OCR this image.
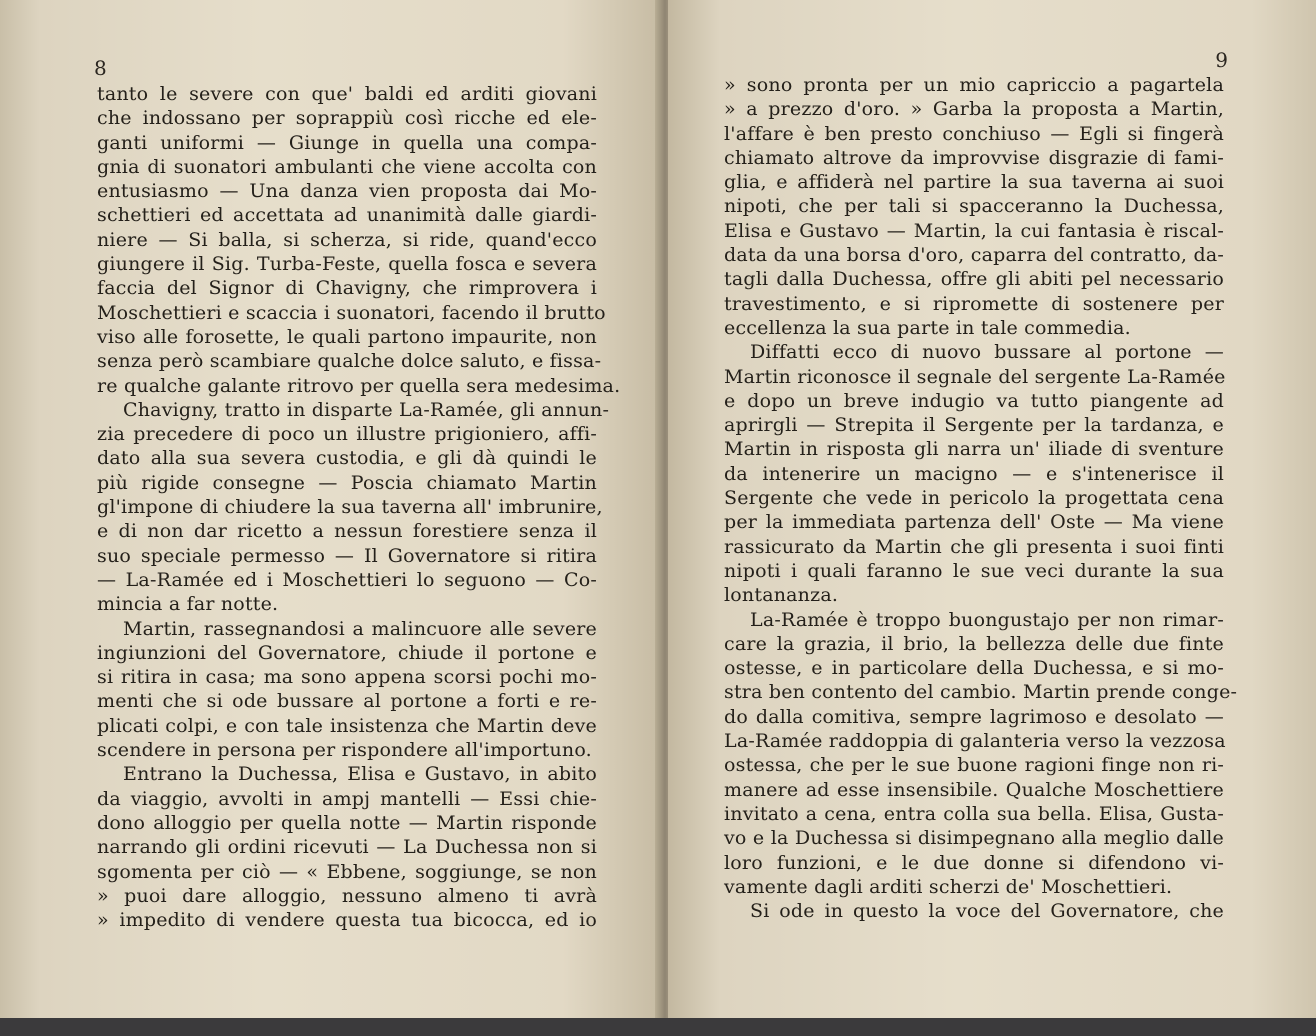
8
tanto le severe con que' baldi ed arditi giovani
che indossano per soprappiù così ricche ed ele-
ganti uniformi — Giunge in quella una compa-
gnia di suonatori ambulanti che viene accolta con
entusiasmo — Una danza vien proposta dai Mo-
schettieri ed accettata ad unanimità dalle giardi-
niere — Si balla, si scherza, si ride, quand'ecco
giungere il Sig. Turba-Feste, quella fosca e severa
faccia del Signor di Chavigny, che rimprovera i
Moschettieri e scaccia i suonatori, facendo il brutto
viso alle forosette, le quali partono impaurite, non
senza però scambiare qualche dolce saluto, e fissa-
re qualche galante ritrovo per quella sera medesima.
Chavigny, tratto in disparte La-Ramée, gli annun-
zia precedere di poco un illustre prigioniero, affi-
dato alla sua severa custodia, e gli dà quindi le
più rigide consegne — Poscia chiamato Martin
gl'impone di chiudere la sua taverna all' imbrunire,
e di non dar ricetto a nessun forestiere senza il
suo speciale permesso — Il Governatore si ritira
— La-Ramée ed i Moschettieri lo seguono — Co-
mincia a far notte.
Martin, rassegnandosi a malincuore alle severe
ingiunzioni del Governatore, chiude il portone e
si ritira in casa; ma sono appena scorsi pochi mo-
menti che si ode bussare al portone a forti e re-
plicati colpi, e con tale insistenza che Martin deve
scendere in persona per rispondere all'importuno.
Entrano la Duchessa, Elisa e Gustavo, in abito
da viaggio, avvolti in ampj mantelli — Essi chie-
dono alloggio per quella notte — Martin risponde
narrando gli ordini ricevuti — La Duchessa non si
sgomenta per ciò — « Ebbene, soggiunge, se non
» puoi dare alloggio, nessuno almeno ti avrà
» impedito di vendere questa tua bicocca, ed io
9
» sono pronta per un mio capriccio a pagartela
» a prezzo d'oro. » Garba la proposta a Martin,
l'affare è ben presto conchiuso — Egli si fingerà
chiamato altrove da improvvise disgrazie di fami-
glia, e affiderà nel partire la sua taverna ai suoi
nipoti, che per tali si spacceranno la Duchessa,
Elisa e Gustavo — Martin, la cui fantasia è riscal-
data da una borsa d'oro, caparra del contratto, da-
tagli dalla Duchessa, offre gli abiti pel necessario
travestimento, e si ripromette di sostenere per
eccellenza la sua parte in tale commedia.
Diffatti ecco di nuovo bussare al portone —
Martin riconosce il segnale del sergente La-Ramée
e dopo un breve indugio va tutto piangente ad
aprirgli — Strepita il Sergente per la tardanza, e
Martin in risposta gli narra un' iliade di sventure
da intenerire un macigno — e s'intenerisce il
Sergente che vede in pericolo la progettata cena
per la immediata partenza dell' Oste — Ma viene
rassicurato da Martin che gli presenta i suoi finti
nipoti i quali faranno le sue veci durante la sua
lontananza.
La-Ramée è troppo buongustajo per non rimar-
care la grazia, il brio, la bellezza delle due finte
ostesse, e in particolare della Duchessa, e si mo-
stra ben contento del cambio. Martin prende conge-
do dalla comitiva, sempre lagrimoso e desolato —
La-Ramée raddoppia di galanteria verso la vezzosa
ostessa, che per le sue buone ragioni finge non ri-
manere ad esse insensibile. Qualche Moschettiere
invitato a cena, entra colla sua bella. Elisa, Gusta-
vo e la Duchessa si disimpegnano alla meglio dalle
loro funzioni, e le due donne si difendono vi-
vamente dagli arditi scherzi de' Moschettieri.
Si ode in questo la voce del Governatore, che
